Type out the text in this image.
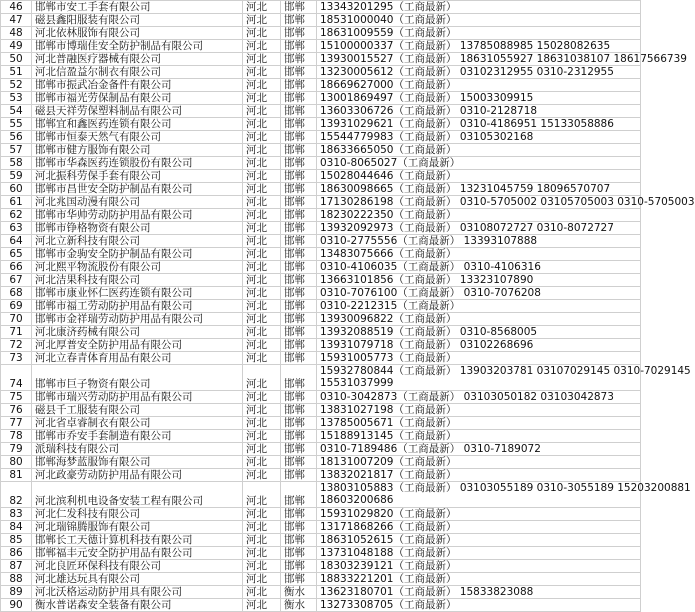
46	邯郸市安工手套有限公司	河北	邯郸	13343201295（工商最新）

47	磁县鑫阳服装有限公司	河北	邯郸	18531000040（工商最新）

48	河北依林服饰有限公司	河北	邯郸	18631009559（工商最新）

49	邯郸市博瑞佳安全防护制品有限公司	河北	邯郸	15100000337（工商最新） 13785088985 15028082635

50	河北普融医疗器械有限公司	河北	邯郸	13930015527（工商最新） 18631055927 18631038107 18617566739

51	河北信盈益尔制衣有限公司	河北	邯郸	13230005612（工商最新） 03102312955 0310-2312955

52	邯郸市振武冶金备件有限公司	河北	邯郸	18669627000（工商最新）

53	邯郸市福光劳保制品有限公司	河北	邯郸	13001869497（工商最新） 15003309915

54	磁县天祥劳保塑料制品有限公司	河北	邯郸	13603306726（工商最新） 0310-2128718

55	邯郸宜和鑫医药连锁有限公司	河北	邯郸	13931029621（工商最新） 0310-4186951 15133058886

56	邯郸市恒泰天然气有限公司	河北	邯郸	15544779983（工商最新） 03105302168

57	邯郸市健方服饰有限公司	河北	邯郸	18633665050（工商最新）

58	邯郸市华森医药连锁股份有限公司	河北	邯郸	0310-8065027（工商最新）

59	河北振科劳保手套有限公司	河北	邯郸	15028044646（工商最新）

60	邯郸市昌世安全防护制品有限公司	河北	邯郸	18630098665（工商最新） 13231045759 18096570707

61	河北兆国动漫有限公司	河北	邯郸	17130286198（工商最新） 0310-5705002 03105705003 0310-5705003

62	邯郸市华帅劳动防护用品有限公司	河北	邯郸	18230222350（工商最新）

63	邯郸市铮格物资有限公司	河北	邯郸	13932092973（工商最新） 03108072727 0310-8072727

64	河北立新科技有限公司	河北	邯郸	0310-2775556（工商最新） 13393107888

65	邯郸市金驹安全防护制品有限公司	河北	邯郸	13483075666（工商最新）

66	河北熙平物流股份有限公司	河北	邯郸	0310-4106035（工商最新） 0310-4106316

67	河北洁果科技有限公司	河北	邯郸	13663101856（工商最新） 13323107890

68	邯郸市康业怀仁医药连锁有限公司	河北	邯郸	0310-7076100（工商最新） 0310-7076208

69	邯郸市福工劳动防护用品有限公司	河北	邯郸	0310-2212315（工商最新）

70	邯郸市金祥瑞劳动防护用品有限公司	河北	邯郸	13930096822（工商最新）

71	河北康济药械有限公司	河北	邯郸	13932088519（工商最新） 0310-8568005

72	河北厚普安全防护用品有限公司	河北	邯郸	13931079718（工商最新） 03102268696

73	河北立春青体育用品有限公司	河北	邯郸	15931005773（工商最新）

74	邯郸市巨子物资有限公司	河北	邯郸	15932780844（工商最新） 13903203781 03107029145 0310-7029145
15531037999

75	邯郸市瑞兴劳动防护用品有限公司	河北	邯郸	0310-3042873（工商最新） 03103050182 03103042873

76	磁县千工服装有限公司	河北	邯郸	13831027198（工商最新）

77	河北省卓睿制衣有限公司	河北	邯郸	13785005671（工商最新）

78	邯郸市乔安手套制造有限公司	河北	邯郸	15188913145（工商最新）

79	派瑞科技有限公司	河北	邯郸	0310-7189486（工商最新） 0310-7189072

80	邯郸海梦蓝服饰有限公司	河北	邯郸	18131007209（工商最新）

81	河北政豪劳动防护用品有限公司	河北	邯郸	13832021817（工商最新）

82	河北滨利机电设备安装工程有限公司	河北	邯郸	13803105883（工商最新） 03103055189 0310-3055189 15203200881
18603200686

83	河北仁发科技有限公司	河北	邯郸	15931029820（工商最新）

84	河北瑞锦腾服饰有限公司	河北	邯郸	13171868266（工商最新）

85	邯郸长工天德计算机科技有限公司	河北	邯郸	18631052615（工商最新）

86	邯郸福丰元安全防护用品有限公司	河北	邯郸	13731048188（工商最新）

87	河北良匠环保科技有限公司	河北	邯郸	18303239121（工商最新）

88	河北雄达玩具有限公司	河北	邯郸	18833221201（工商最新）

89	河北沃格运动防护用具有限公司	河北	衡水	13623180701（工商最新） 15833823088

90	衡水普诺森安全装备有限公司	河北	衡水	13273308705（工商最新）
